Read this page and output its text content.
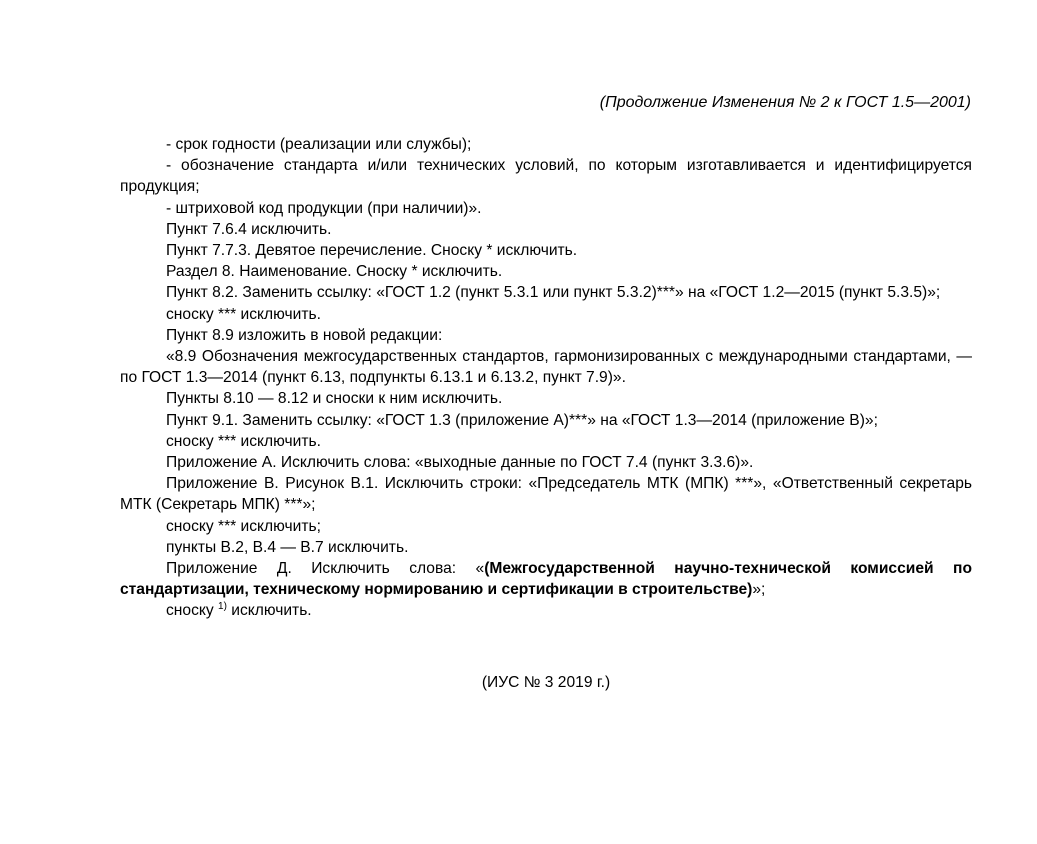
(Продолжение Изменения № 2 к ГОСТ 1.5—2001)

- срок годности (реализации или службы);

- обозначение стандарта и/или технических условий, по которым изготавливается и идентифицируется продукция;

- штриховой код продукции (при наличии)».

Пункт 7.6.4 исключить.

Пункт 7.7.3. Девятое перечисление. Сноску * исключить.

Раздел 8. Наименование. Сноску * исключить.

Пункт 8.2. Заменить ссылку: «ГОСТ 1.2 (пункт 5.3.1 или пункт 5.3.2)***» на «ГОСТ 1.2—2015 (пункт 5.3.5)»;

сноску *** исключить.

Пункт 8.9 изложить в новой редакции:

«8.9 Обозначения межгосударственных стандартов, гармонизированных с международными стандартами, — по ГОСТ 1.3—2014 (пункт 6.13, подпункты 6.13.1 и 6.13.2, пункт 7.9)».

Пункты 8.10 — 8.12 и сноски к ним исключить.

Пункт 9.1. Заменить ссылку: «ГОСТ 1.3 (приложение А)***» на «ГОСТ 1.3—2014 (приложение В)»;

сноску *** исключить.

Приложение А. Исключить слова: «выходные данные по ГОСТ 7.4 (пункт 3.3.6)».

Приложение В. Рисунок В.1. Исключить строки: «Председатель МТК (МПК) ***», «Ответственный секретарь МТК (Секретарь МПК) ***»;

сноску *** исключить;

пункты В.2, В.4 — В.7 исключить.

Приложение Д. Исключить слова: «(Межгосударственной научно-технической комиссией по стандартизации, техническому нормированию и сертификации в строительстве)»;

сноску $^{1)}$ исключить.

(ИУС № 3 2019 г.)
